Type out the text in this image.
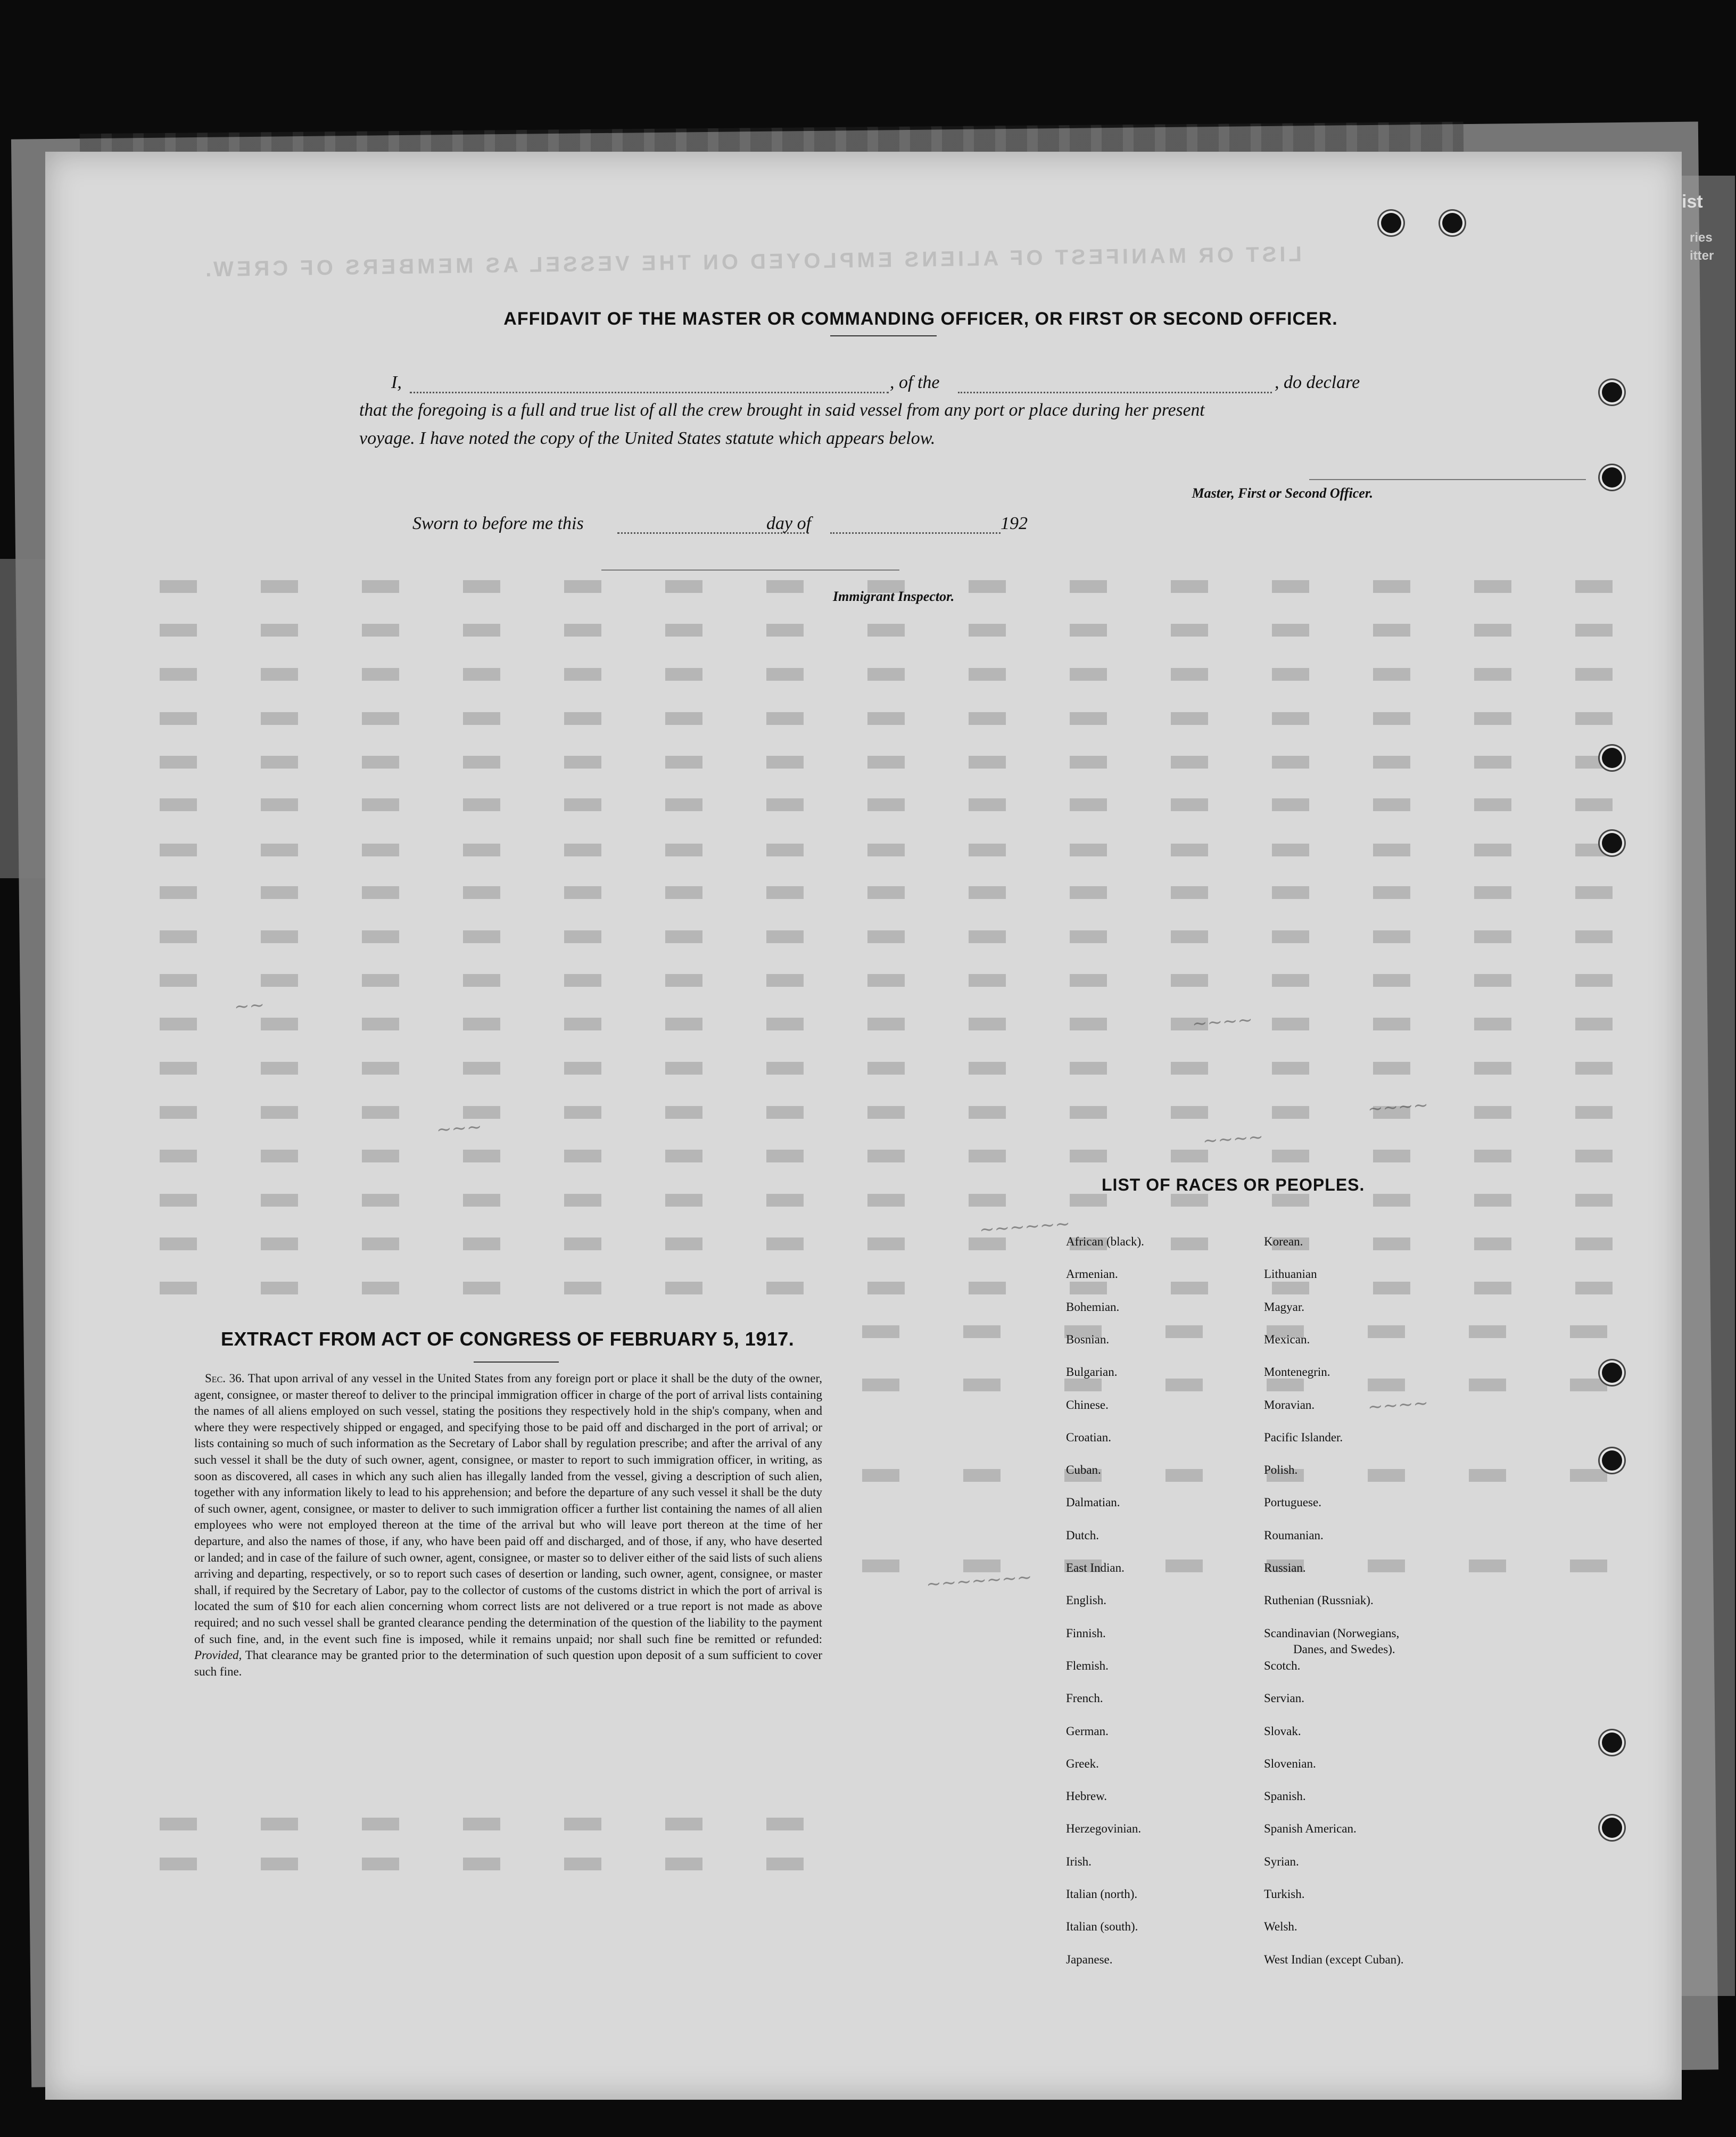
LIST OR MANIFEST OF ALIENS EMPLOYED ON THE VESSEL AS MEMBERS OF CREW.
~~~~~~
~~~~
~~~~
~~~~
~~~~
~~~~~~~
~~~
~~
AFFIDAVIT OF THE MASTER OR COMMANDING OFFICER, OR FIRST OR SECOND OFFICER.
I,	, of the	, do declare
that the foregoing is a full and true list of all the crew brought in said vessel from any port or place during her present
voyage. I have noted the copy of the United States statute which appears below.
Master, First or Second Officer.
Sworn to before me this	day of	192
Immigrant Inspector.
EXTRACT FROM ACT OF CONGRESS OF FEBRUARY 5, 1917.
Sec. 36. That upon arrival of any vessel in the United States from any foreign port or place it shall be the duty of the owner, agent, consignee, or master thereof to deliver to the principal immigration officer in charge of the port of arrival lists containing the names of all aliens employed on such vessel, stating the positions they respectively hold in the ship's company, when and where they were respectively shipped or engaged, and specifying those to be paid off and discharged in the port of arrival; or lists containing so much of such information as the Secretary of Labor shall by regulation prescribe; and after the arrival of any such vessel it shall be the duty of such owner, agent, consignee, or master to report to such immigration officer, in writing, as soon as discovered, all cases in which any such alien has illegally landed from the vessel, giving a description of such alien, together with any information likely to lead to his apprehension; and before the departure of any such vessel it shall be the duty of such owner, agent, consignee, or master to deliver to such immigration officer a further list containing the names of all alien employees who were not employed thereon at the time of the arrival but who will leave port thereon at the time of her departure, and also the names of those, if any, who have been paid off and discharged, and of those, if any, who have deserted or landed; and in case of the failure of such owner, agent, consignee, or master so to deliver either of the said lists of such aliens arriving and departing, respectively, or so to report such cases of desertion or landing, such owner, agent, consignee, or master shall, if required by the Secretary of Labor, pay to the collector of customs of the customs district in which the port of arrival is located the sum of $10 for each alien concerning whom correct lists are not delivered or a true report is not made as above required; and no such vessel shall be granted clearance pending the determination of the question of the liability to the payment of such fine, and, in the event such fine is imposed, while it remains unpaid; nor shall such fine be remitted or refunded: Provided, That clearance may be granted prior to the determination of such question upon deposit of a sum sufficient to cover such fine.
LIST OF RACES OR PEOPLES.
African (black).
Armenian.
Bohemian.
Bosnian.
Bulgarian.
Chinese.
Croatian.
Cuban.
Dalmatian.
Dutch.
East Indian.
English.
Finnish.
Flemish.
French.
German.
Greek.
Hebrew.
Herzegovinian.
Irish.
Italian (north).
Italian (south).
Japanese.
Korean.
Lithuanian
Magyar.
Mexican.
Montenegrin.
Moravian.
Pacific Islander.
Polish.
Portuguese.
Roumanian.
Russian.
Ruthenian (Russniak).
Scandinavian (Norwegians,
Danes, and Swedes).
Scotch.
Servian.
Slovak.
Slovenian.
Spanish.
Spanish American.
Syrian.
Turkish.
Welsh.
West Indian (except Cuban).
ist
ries
itter
